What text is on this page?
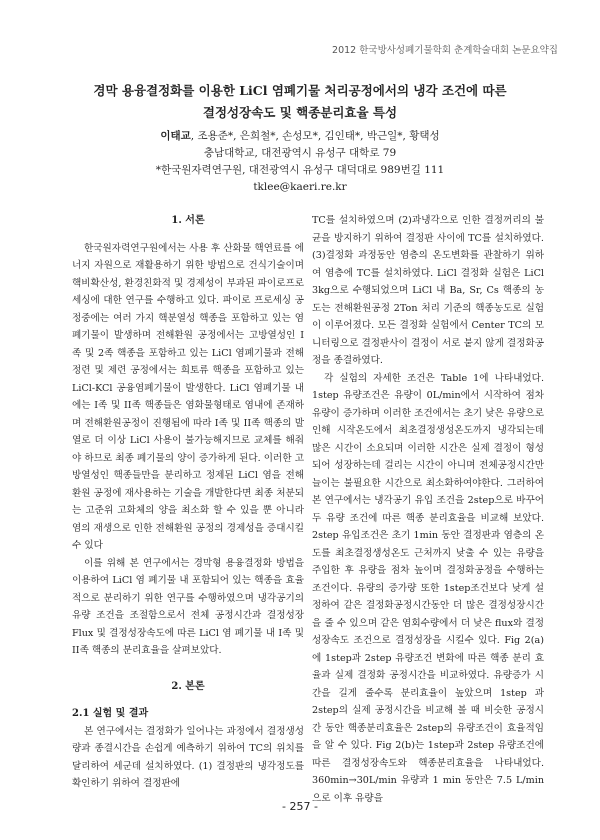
2012 한국방사성폐기물학회 춘계학술대회 논문요약집
경막 용융결정화를 이용한 LiCl 염폐기물 처리공정에서의 냉각 조건에 따른
결정성장속도 및 핵종분리효율 특성
이태교, 조용준*, 은희철*, 손성모*, 김인태*, 박근일*, 황택성
충남대학교, 대전광역시 유성구 대학로 79
*한국원자력연구원, 대전광역시 유성구 대덕대로 989번길 111
tklee@kaeri.re.kr
1. 서론

한국원자력연구원에서는 사용 후 산화물 핵연료를 에너지 자원으로 재활용하기 위한 방법으로 건식기술이며 핵비확산성, 환경친화적 및 경제성이 부과된 파이로프로세싱에 대한 연구를 수행하고 있다. 파이로 프로세싱 공정중에는 여러 가지 핵분열성 핵종을 포함하고 있는 염폐기물이 발생하며 전해환원 공정에서는 고방열성인 I족 및 2족 핵종을 포함하고 있는 LiCl 염폐기물과 전해정련 및 제련 공정에서는 희토류 핵종을 포함하고 있는 LiCl-KCl 공융염폐기물이 발생한다. LiCl 염폐기물 내에는 I족 및 II족 핵종들은 염화물형태로 염내에 존재하며 전해환원공정이 진행됨에 따라 I족 및 II족 핵종의 발열로 더 이상 LiCl 사용이 불가능해지므로 교체를 해줘야 하므로 최종 폐기물의 양이 증가하게 된다. 이러한 고방열성인 핵종들만을 분리하고 정제된 LiCl 염을 전해환원 공정에 재사용하는 기술을 개발한다면 최종 처분되는 고준위 고화체의 양을 최소화 할 수 있을 뿐 아니라 염의 재생으로 인한 전해환원 공정의 경제성을 증대시킬 수 있다

이를 위해 본 연구에서는 경막형 용융결정화 방법을 이용하여 LiCl 염 폐기물 내 포함되어 있는 핵종을 효율적으로 분리하기 위한 연구를 수행하였으며 냉각공기의 유량 조건을 조절함으로서 전체 공정시간과 결정성장 Flux 및 결정성장속도에 따른 LiCl 염 폐기물 내 I족 및 II족 핵종의 분리효율을 살펴보았다.

2. 본론
2.1 실험 및 결과

본 연구에서는 결정화가 일어나는 과정에서 결정생성량과 종결시간을 손쉽게 예측하기 위하여 TC의 위치를 달리하여 세군데 설치하였다. (1) 결정판의 냉각정도를 확인하기 위하여 결정판에

TC를 설치하였으며 (2)과냉각으로 인한 결정꺼리의 불균을 방지하기 위하여 결정판 사이에 TC를 설치하였다. (3)결정화 과정동안 염층의 온도변화를 관찰하기 위하여 염층에 TC를 설치하였다. LiCl 결정화 실험은 LiCl 3kg으로 수행되었으며 LiCl 내 Ba, Sr, Cs 핵종의 농도는 전해환원공정 2Ton 처리 기준의 핵종농도로 실험이 이루어졌다. 모든 결정화 실험에서 Center TC의 모니터링으로 결정판사이 결정이 서로 붙지 않게 결정화공정을 종결하였다.

각 실험의 자세한 조건은 Table 1에 나타내었다. 1step 유량조건은 유량이 0L/min에서 시작하여 점차 유량이 증가하며 이러한 조건에서는 초기 낮은 유량으로 인해 시작온도에서 최초결정생성온도까지 냉각되는데 많은 시간이 소요되며 이러한 시간은 실제 결정이 형성되어 성장하는데 걸리는 시간이 아니며 전체공정시간만 늘이는 불필요한 시간으로 최소화하여야한다. 그러하여 본 연구에서는 냉각공기 유입 조건을 2step으로 바꾸어 두 유량 조건에 따른 핵종 분리효율을 비교해 보았다. 2step 유입조건은 초기 1min 동안 결정판과 염층의 온도를 최초결정생성온도 근처까지 낮출 수 있는 유량을 주입한 후 유량을 점차 높이며 결정화공정을 수행하는 조건이다. 유량의 증가량 또한 1step조건보다 낮게 설정하여 같은 결정화공정시간동안 더 많은 결정성장시간을 줄 수 있으며 같은 염회수량에서 더 낮은 flux와 결정성장속도 조건으로 결정성장을 시킬수 있다. Fig 2(a)에 1step과 2step 유량조건 변화에 따른 핵종 분리 효율과 실제 결정화 공정시간을 비교하였다. 유량증가 시간을 길게 줄수록 분리효율이 높았으며 1step 과 2step의 실제 공정시간을 비교해 볼 때 비슷한 공정시간 동안 핵종분리효율은 2step의 유량조건이 효율적임을 알 수 있다. Fig 2(b)는 1step과 2step 유량조건에 따른 결정성장속도와 핵종분리효율을 나타내었다. 360min→30L/min 유량과 1 min 동안은 7.5 L/min으로 이후 유량을

- 257 -
